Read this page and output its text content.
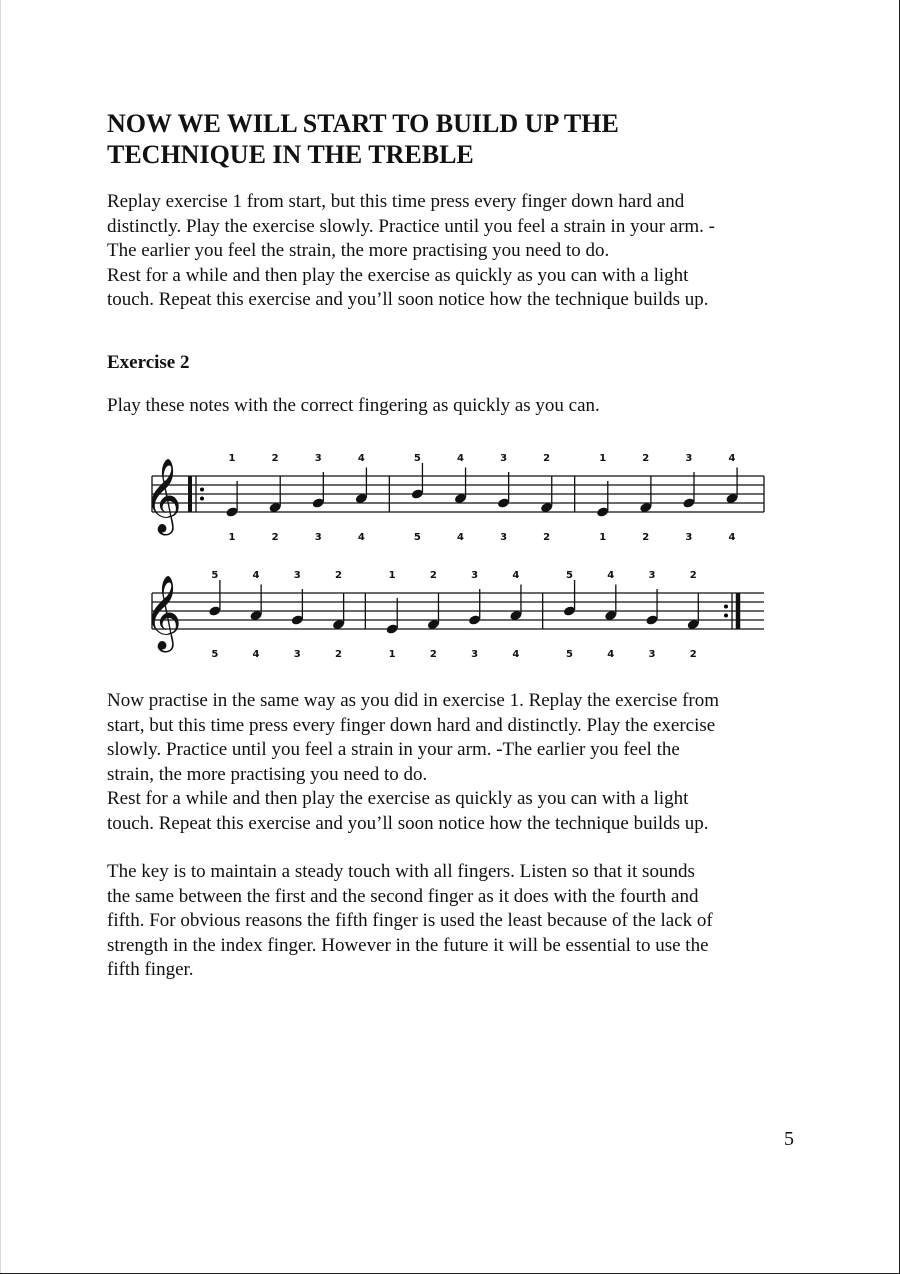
NOW WE WILL START TO BUILD UP THE
TECHNIQUE IN THE TREBLE

Replay exercise 1 from start, but this time press every finger down hard and
distinctly. Play the exercise slowly. Practice until you feel a strain in your arm. -
The earlier you feel the strain, the more practising you need to do.
Rest for a while and then play the exercise as quickly as you can with a light
touch. Repeat this exercise and you’ll soon notice how the technique builds up.

Exercise 2

Play these notes with the correct fingering as quickly as you can.

𝄞
1
1
2
2
3
3
4
4
5
5
4
4
3
3
2
2
1
1
2
2
3
3
4
4
𝄞
5
5
4
4
3
3
2
2
1
1
2
2
3
3
4
4
5
5
4
4
3
3
2
2

Now practise in the same way as you did in exercise 1. Replay the exercise from
start, but this time press every finger down hard and distinctly. Play the exercise
slowly. Practice until you feel a strain in your arm. -The earlier you feel the
strain, the more practising you need to do.
Rest for a while and then play the exercise as quickly as you can with a light
touch. Repeat this exercise and you’ll soon notice how the technique builds up.

The key is to maintain a steady touch with all fingers. Listen so that it sounds
the same between the first and the second finger as it does with the fourth and
fifth. For obvious reasons the fifth finger is used the least because of the lack of
strength in the index finger. However in the future it will be essential to use the
fifth finger.

5
